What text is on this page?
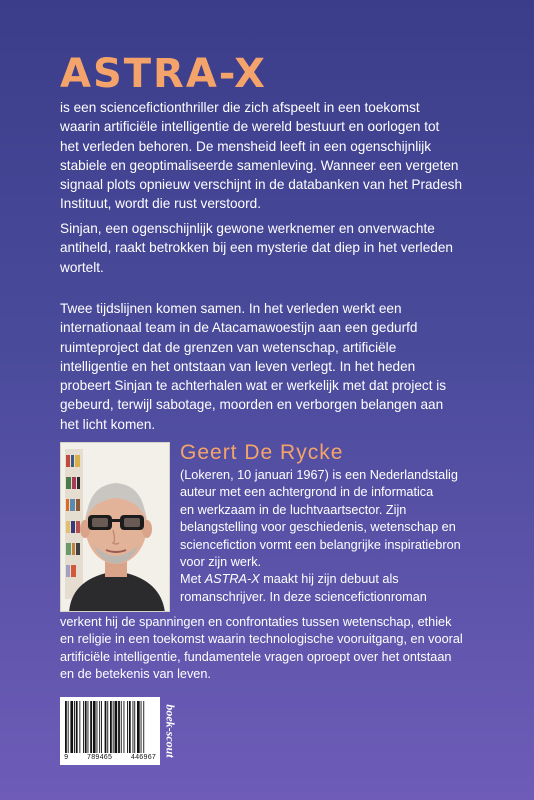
ASTRA-X
is een sciencefictionthriller die zich afspeelt in een toekomst
waarin artificiële intelligentie de wereld bestuurt en oorlogen tot
het verleden behoren. De mensheid leeft in een ogenschijnlijk
stabiele en geoptimaliseerde samenleving. Wanneer een vergeten
signaal plots opnieuw verschijnt in de databanken van het Pradesh
Instituut, wordt die rust verstoord.
Sinjan, een ogenschijnlijk gewone werknemer en onverwachte
antiheld, raakt betrokken bij een mysterie dat diep in het verleden
wortelt.
Twee tijdslijnen komen samen. In het verleden werkt een
internationaal team in de Atacamawoestijn aan een gedurfd
ruimteproject dat de grenzen van wetenschap, artificiële
intelligentie en het ontstaan van leven verlegt. In het heden
probeert Sinjan te achterhalen wat er werkelijk met dat project is
gebeurd, terwijl sabotage, moorden en verborgen belangen aan
het licht komen.
Geert De Rycke
(Lokeren, 10 januari 1967) is een Nederlandstalig
auteur met een achtergrond in de informatica
en werkzaam in de luchtvaartsector. Zijn
belangstelling voor geschiedenis, wetenschap en
sciencefiction vormt een belangrijke inspiratiebron
voor zijn werk.
Met ASTRA-X maakt hij zijn debuut als
romanschrijver. In deze sciencefictionroman
verkent hij de spanningen en confrontaties tussen wetenschap, ethiek
en religie in een toekomst waarin technologische vooruitgang, en vooral
artificiële intelligentie, fundamentele vragen oproept over het ontstaan
en de betekenis van leven.
9	789465	446967
boek-scout
